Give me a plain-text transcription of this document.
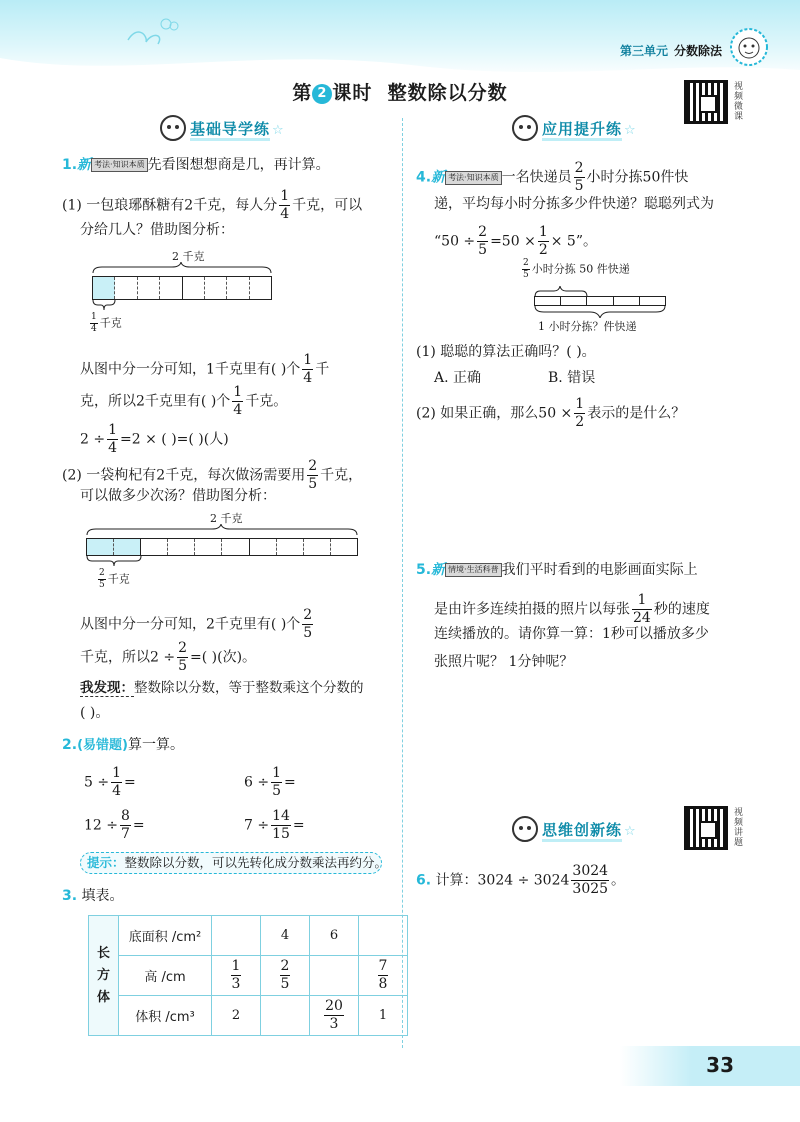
第三单元 分数除法
第 2 课时 整数除以分数	视频微课
视频讲题
基础导学练 ☆	应用提升练 ☆
思维创新练 ☆
1.新 考法·知识本质 先看图想想商是几，再计算。
(1) 一包琅琊酥糖有2千克，每人分 $\frac{1}{4}$ 千克，可以
分给几人？借助图分析：
2 千克
$\frac{1}{4}$ 千克
从图中分一分可知，1千克里有( )个 $\frac{1}{4}$ 千
克，所以2千克里有( )个 $\frac{1}{4}$ 千克。
$2 \div \frac{1}{4} =2$ × ( )=( )(人)
(2) 一袋枸杞有2千克，每次做汤需要用 $\frac{2}{5}$ 千克，
可以做多少次汤？借助图分析：
2 千克
$\frac{2}{5}$ 千克
从图中分一分可知，2千克里有( )个 $\frac{2}{5}$
千克，所以$2 \div \frac{2}{5}$ =( )(次)。
我发现：整数除以分数，等于整数乘这个分数的
( )。
2.(易错题)算一算。
$5 \div \frac{1}{4}$ =	$6 \div \frac{1}{5}$ =
$12 \div \frac{8}{7}$ =	$7 \div \frac{14}{15}$ =
提示：整数除以分数，可以先转化成分数乘法再约分。
3. 填表。
长
方
体	底面积 /cm²		4	6	
	高 /cm	$\frac{1}{3}$	$\frac{2}{5}$		$\frac{7}{8}$

	体积 /cm³	2		$\frac{20}{3}$	1
4.新 考法·知识本质 一名快递员 $\frac{2}{5}$ 小时分拣50件快
递，平均每小时分拣多少件快递？聪聪列式为
“$50 \div \frac{2}{5} =50 \times \frac{1}{2} \times 5$”。
$\frac{2}{5}$ 小时分拣 50 件快递
1 小时分拣？件快递
(1) 聪聪的算法正确吗？( )。
A. 正确	B. 错误
(2) 如果正确，那么$50 \times \frac{1}{2}$ 表示的是什么？
5.新 情境·生活科普 我们平时看到的电影画面实际上
是由许多连续拍摄的照片以每张 $\frac{1}{24}$ 秒的速度
连续播放的。请你算一算：1秒可以播放多少
张照片呢？ 1分钟呢？
6. 计算：$3024 \div 3024 \frac{3024}{3025}$ 。
33
